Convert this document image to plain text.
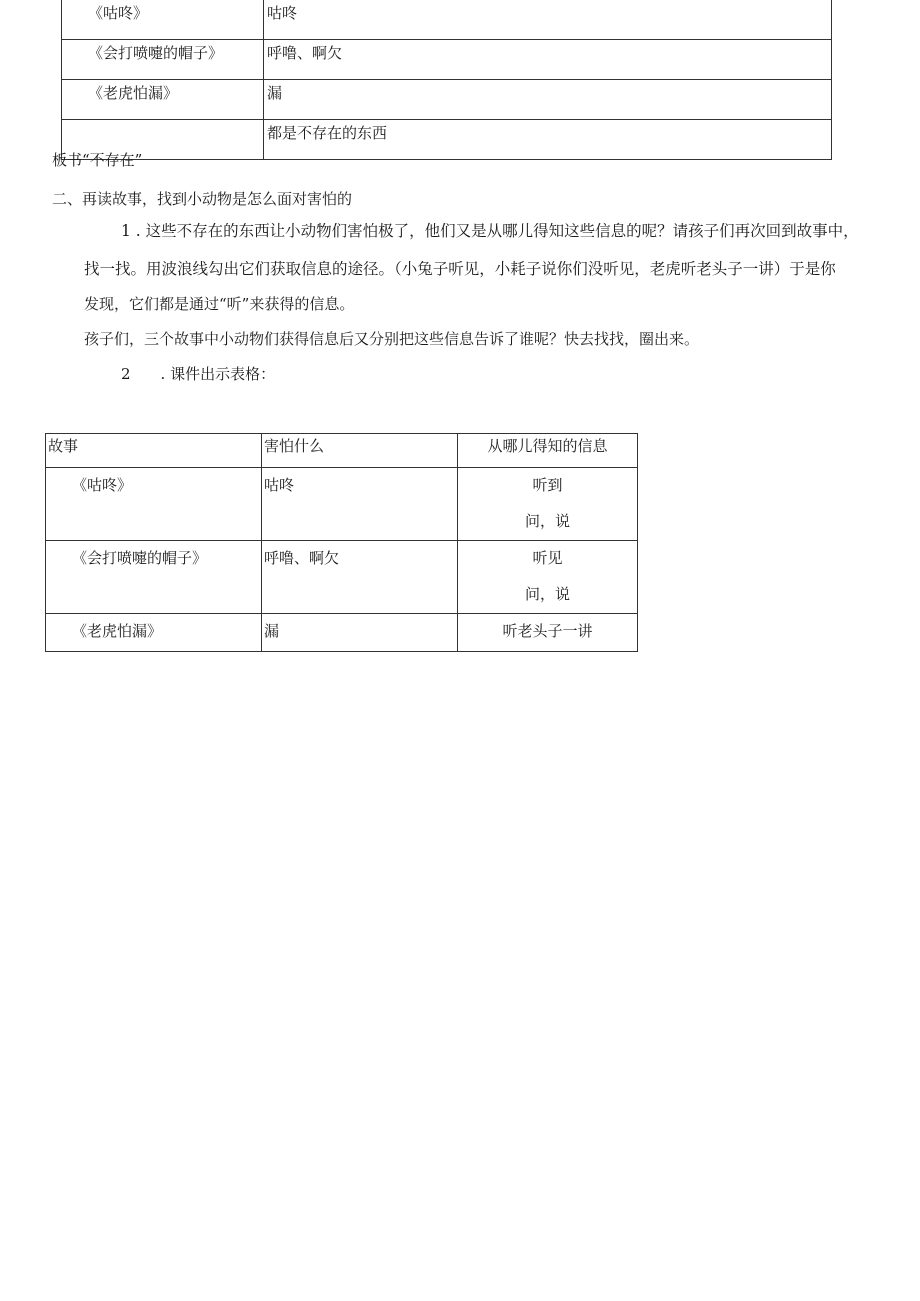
《咕咚》	咕咚
《会打喷嚏的帽子》	呼噜、啊欠
《老虎怕漏》	漏
	都是不存在的东西

板书“不存在”

二、再读故事，找到小动物是怎么面对害怕的

1 . 这些不存在的东西让小动物们害怕极了，他们又是从哪儿得知这些信息的呢？请孩子们再次回到故事中，

找一找。用波浪线勾出它们获取信息的途径。（小兔子听见，小耗子说你们没听见，老虎听老头子一讲）于是你

发现，它们都是通过“听”来获得的信息。

孩子们，三个故事中小动物们获得信息后又分别把这些信息告诉了谁呢？快去找找，圈出来。

2　　. 课件出示表格：

故事	害怕什么	从哪儿得知的信息
《咕咚》	咕咚	听到
问，说

《会打喷嚏的帽子》	呼噜、啊欠	听见
问，说

《老虎怕漏》	漏	听老头子一讲
